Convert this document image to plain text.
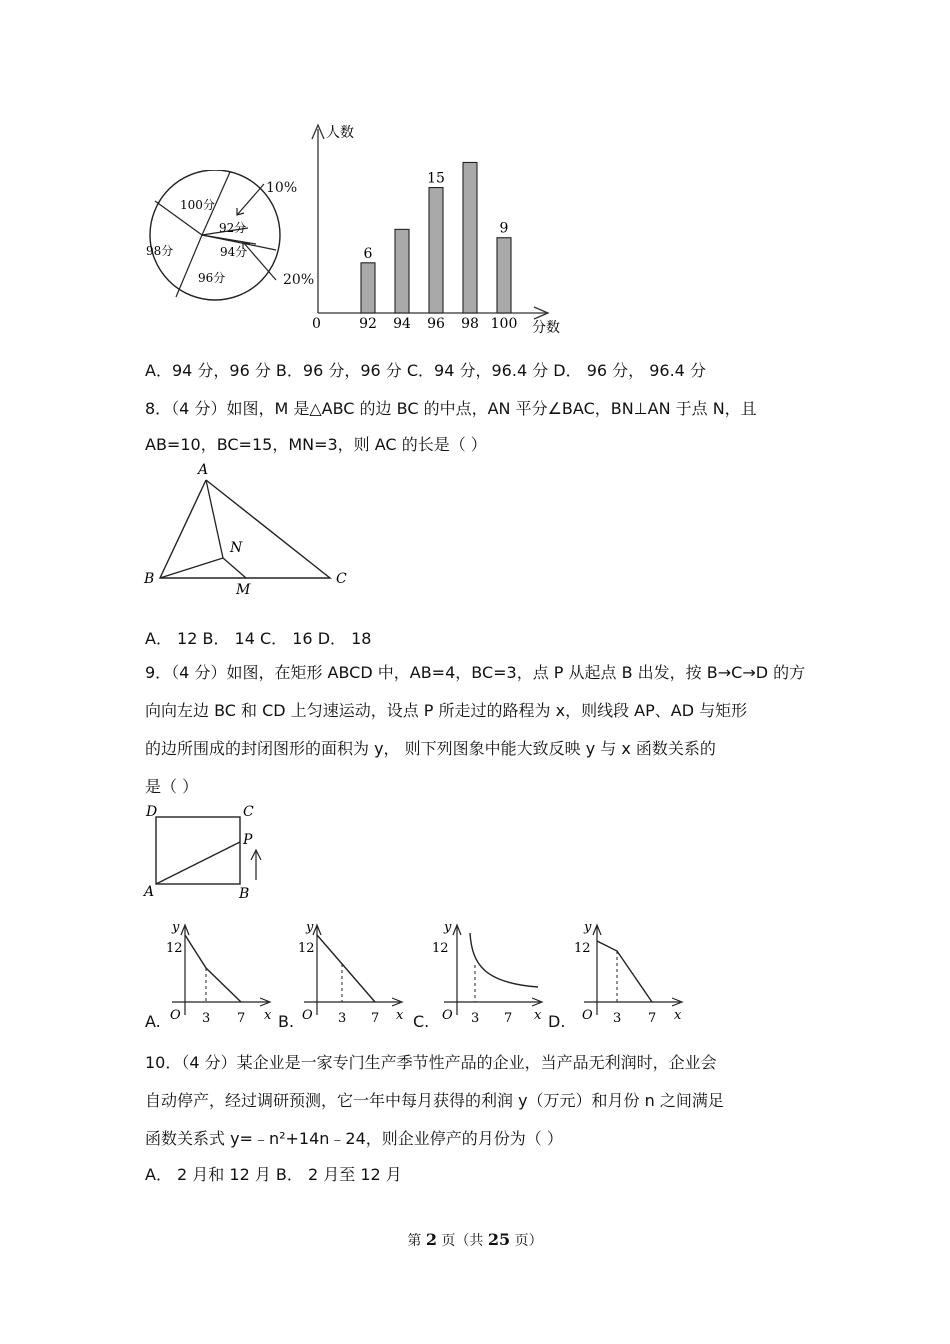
100分
92分
94分
96分
98分
10%
20%
人数
分数
0	92
6
94 96
15
98 100
9
A．94 分，96 分 B．96 分，96 分 C．94 分，96.4 分 D． 96 分， 96.4 分
8．（4 分）如图，M 是△ABC 的边 BC 的中点，AN 平分∠BAC，BN⊥AN 于点 N，且
AB=10，BC=15，MN=3，则 AC 的长是（ ）
A
B	C
N
M
A． 12 B． 14 C． 16 D． 18
9．（4 分）如图，在矩形 ABCD 中，AB=4，BC=3，点 P 从起点 B 出发，按 B→C→D 的方
向向左边 BC 和 CD 上匀速运动，设点 P 所走过的路程为 x，则线段 AP、AD 与矩形
的边所围成的封闭图形的面积为 y， 则下列图象中能大致反映 y 与 x 函数关系的
是（ ）
D	C
P
A	B
A.
y
12
O 3 7 x B.
y
12
O 3 7 x C.
y
12
O 3 7 x D.
y
12
O 3 7 x
10．（4 分）某企业是一家专门生产季节性产品的企业，当产品无利润时，企业会
自动停产，经过调研预测，它一年中每月获得的利润 y（万元）和月份 n 之间满足
函数关系式 y=﹣n²+14n﹣24，则企业停产的月份为（ ）
A． 2 月和 12 月 B． 2 月至 12 月
第 2 页（共 25 页）
